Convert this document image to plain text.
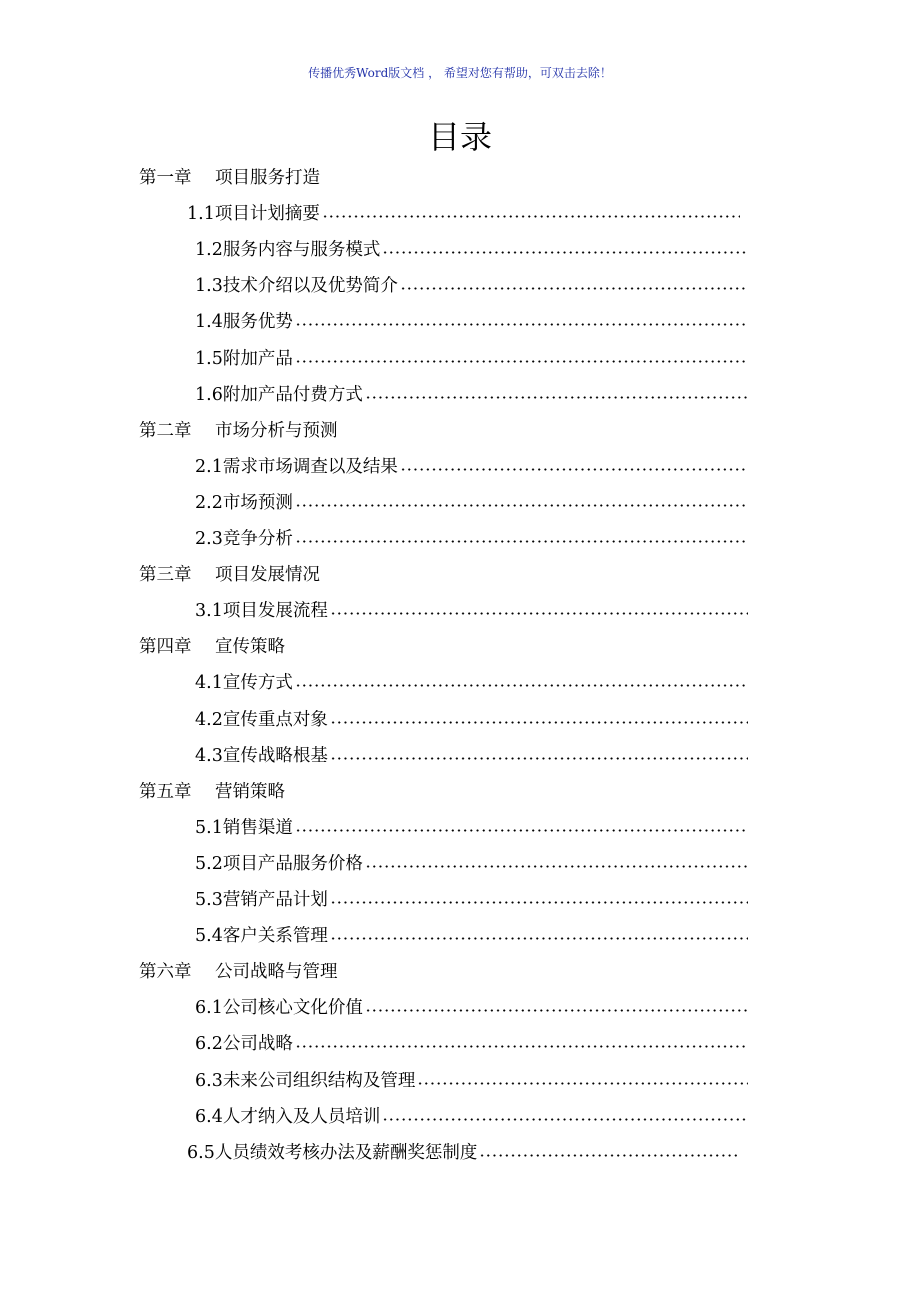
传播优秀Word版文档 ， 希望对您有帮助，可双击去除！
目录
第一章	项目服务打造
1.1项目计划摘要
1.2服务内容与服务模式
1.3技术介绍以及优势简介
1.4服务优势
1.5附加产品
1.6附加产品付费方式
第二章	市场分析与预测
2.1需求市场调查以及结果
2.2市场预测
2.3竞争分析
第三章	项目发展情况
3.1项目发展流程
第四章	宣传策略
4.1宣传方式
4.2宣传重点对象
4.3宣传战略根基
第五章	营销策略
5.1销售渠道
5.2项目产品服务价格
5.3营销产品计划
5.4客户关系管理
第六章	公司战略与管理
6.1公司核心文化价值
6.2公司战略
6.3未来公司组织结构及管理
6.4人才纳入及人员培训
6.5人员绩效考核办法及薪酬奖惩制度
